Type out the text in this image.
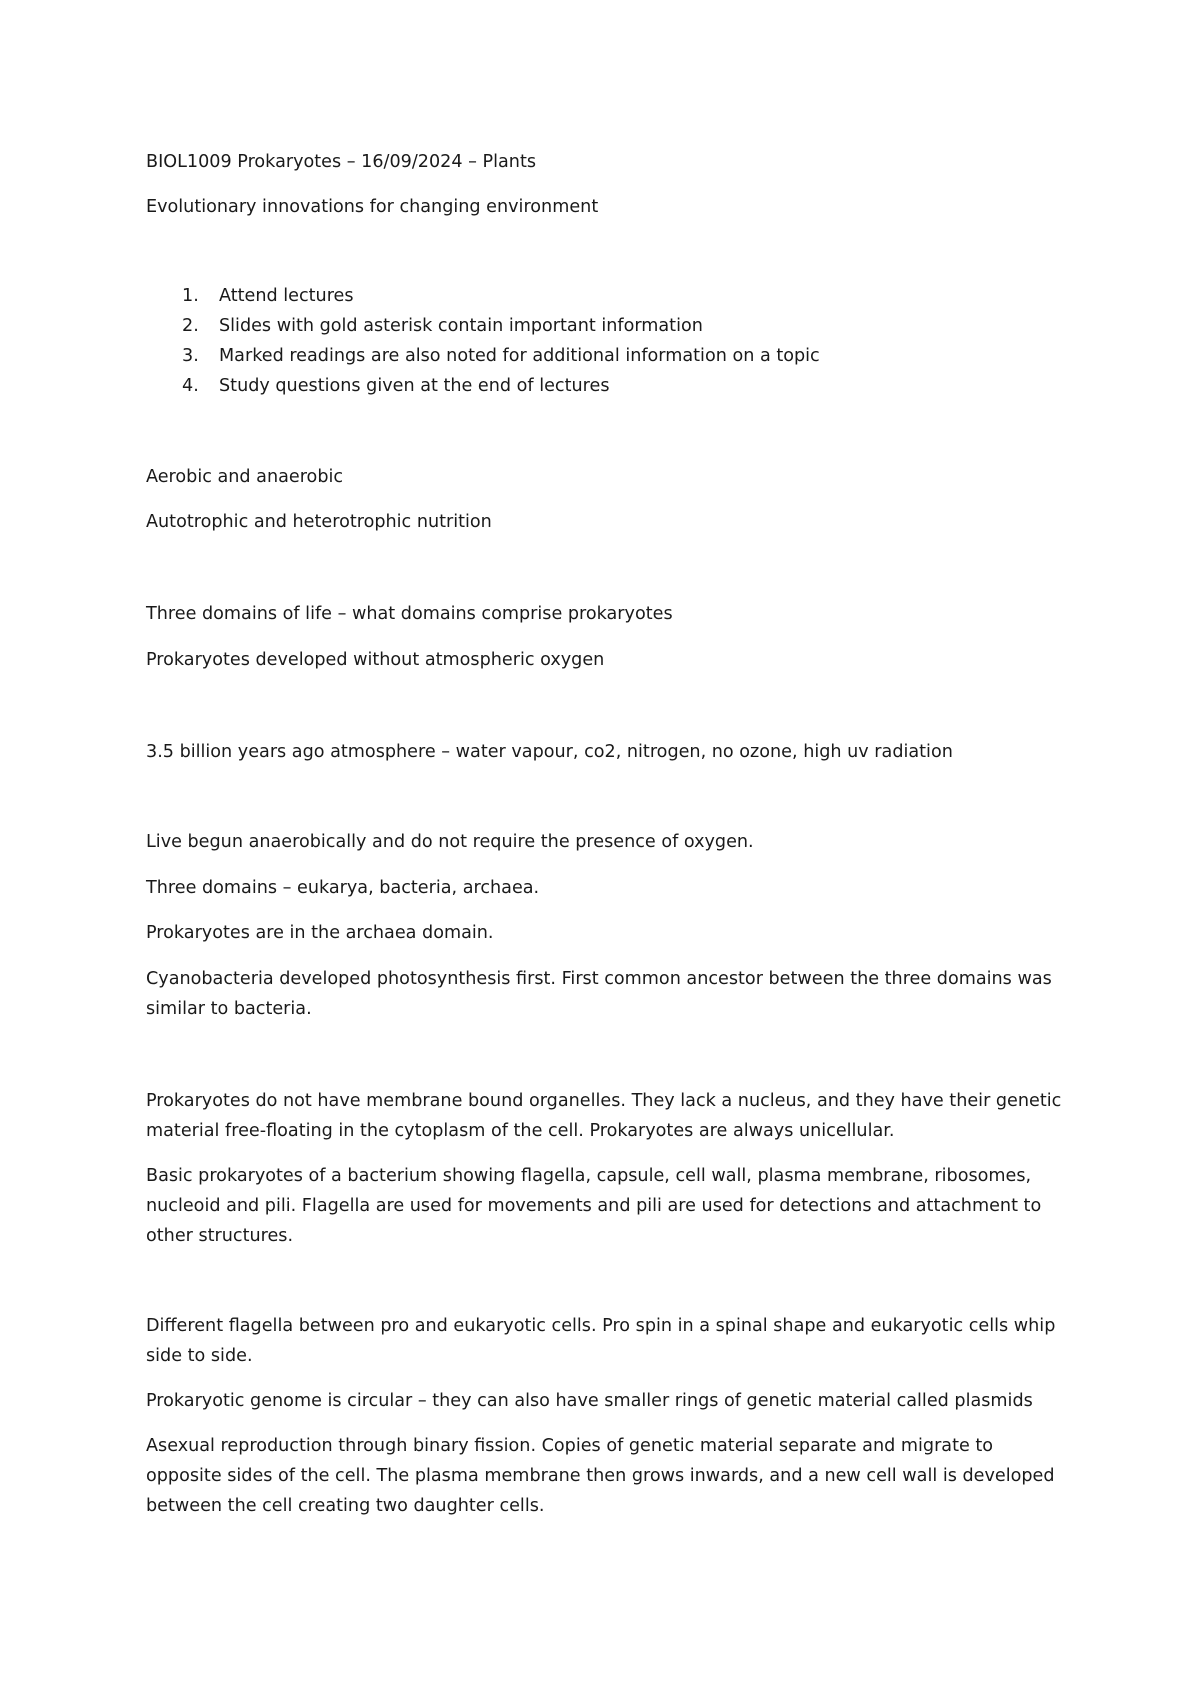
BIOL1009 Prokaryotes – 16/09/2024 – Plants

Evolutionary innovations for changing environment

1. Attend lectures
2. Slides with gold asterisk contain important information
3. Marked readings are also noted for additional information on a topic
4. Study questions given at the end of lectures

Aerobic and anaerobic

Autotrophic and heterotrophic nutrition

Three domains of life – what domains comprise prokaryotes

Prokaryotes developed without atmospheric oxygen

3.5 billion years ago atmosphere – water vapour, co2, nitrogen, no ozone, high uv radiation

Live begun anaerobically and do not require the presence of oxygen.

Three domains – eukarya, bacteria, archaea.

Prokaryotes are in the archaea domain.

Cyanobacteria developed photosynthesis first. First common ancestor between the three domains was similar to bacteria.

Prokaryotes do not have membrane bound organelles. They lack a nucleus, and they have their genetic material free-floating in the cytoplasm of the cell. Prokaryotes are always unicellular.

Basic prokaryotes of a bacterium showing flagella, capsule, cell wall, plasma membrane, ribosomes, nucleoid and pili. Flagella are used for movements and pili are used for detections and attachment to other structures.

Different flagella between pro and eukaryotic cells. Pro spin in a spinal shape and eukaryotic cells whip side to side.

Prokaryotic genome is circular – they can also have smaller rings of genetic material called plasmids

Asexual reproduction through binary fission. Copies of genetic material separate and migrate to opposite sides of the cell. The plasma membrane then grows inwards, and a new cell wall is developed between the cell creating two daughter cells.
